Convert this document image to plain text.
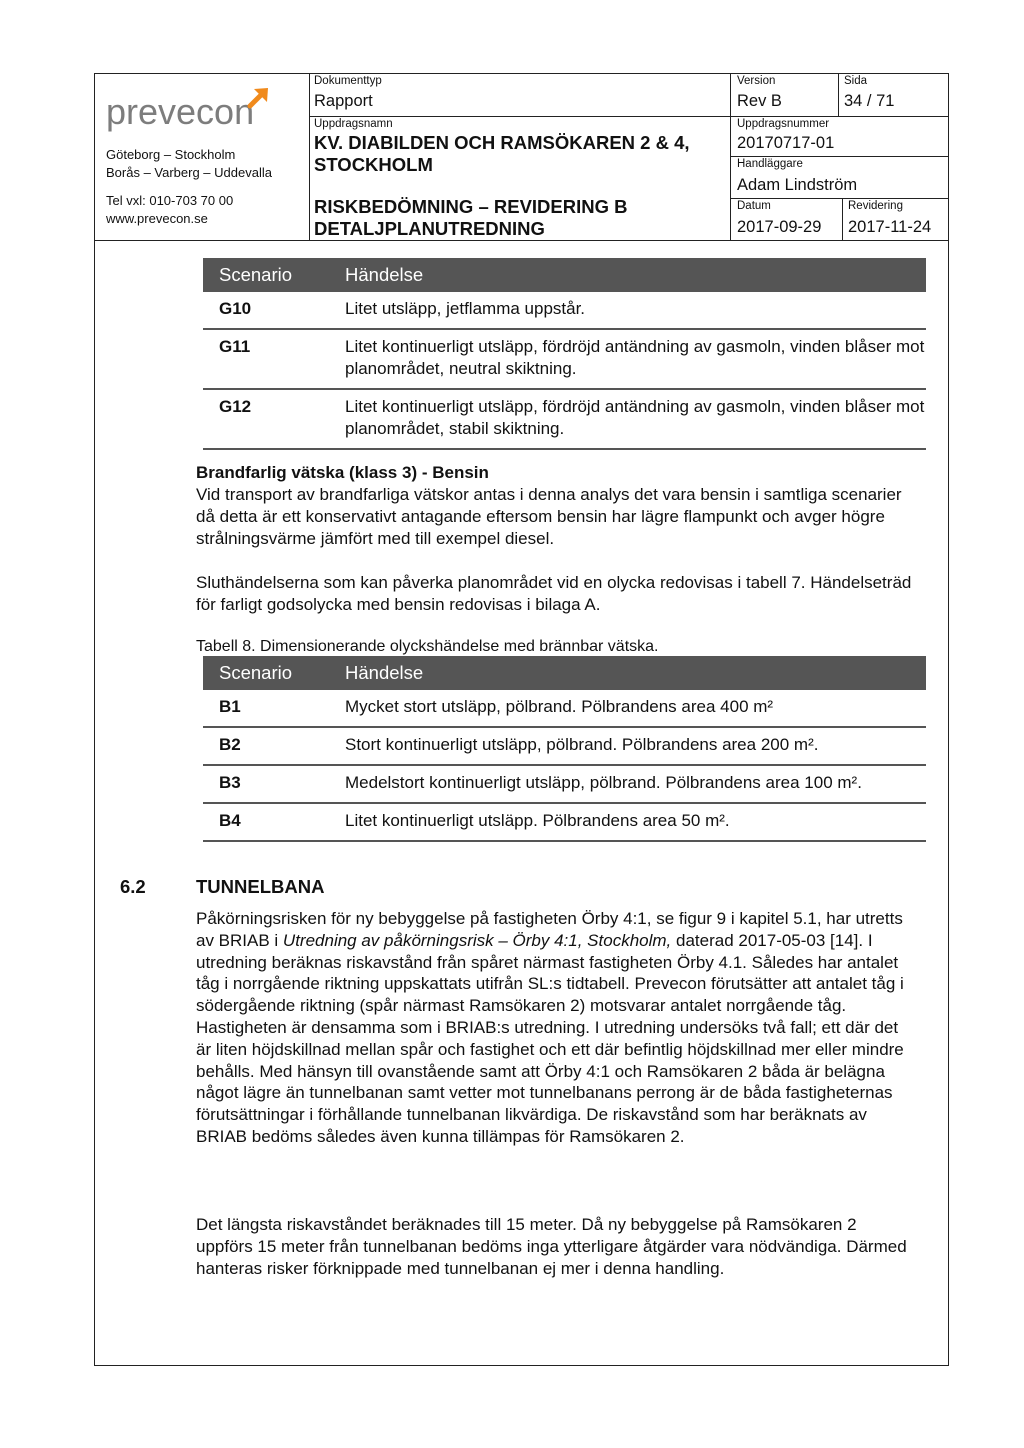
prevecon
Göteborg – Stockholm
Borås – Varberg – Uddevalla
Tel vxl: 010-703 70 00
www.prevecon.se
Dokumenttyp
Rapport
Version
Rev B
Sida
34 / 71
Uppdragsnamn
KV. DIABILDEN OCH RAMSÖKAREN 2 & 4, STOCKHOLM
RISKBEDÖMNING – REVIDERING B DETALJPLANUTREDNING
Uppdragsnummer
20170717-01
Handläggare
Adam Lindström
Datum
2017-09-29
Revidering
2017-11-24
Scenario	Händelse
G10	Litet utsläpp, jetflamma uppstår.
G11	Litet kontinuerligt utsläpp, fördröjd antändning av gasmoln, vinden blåser mot planområdet, neutral skiktning.
G12	Litet kontinuerligt utsläpp, fördröjd antändning av gasmoln, vinden blåser mot planområdet, stabil skiktning.
Brandfarlig vätska (klass 3) - Bensin
Vid transport av brandfarliga vätskor antas i denna analys det vara bensin i samtliga scenarier då detta är ett konservativt antagande eftersom bensin har lägre flampunkt och avger högre strålningsvärme jämfört med till exempel diesel.
Sluthändelserna som kan påverka planområdet vid en olycka redovisas i tabell 7. Händelseträd för farligt godsolycka med bensin redovisas i bilaga A.
Tabell 8. Dimensionerande olyckshändelse med brännbar vätska.
Scenario	Händelse
B1	Mycket stort utsläpp, pölbrand. Pölbrandens area 400 m²
B2	Stort kontinuerligt utsläpp, pölbrand. Pölbrandens area 200 m².
B3	Medelstort kontinuerligt utsläpp, pölbrand. Pölbrandens area 100 m².
B4	Litet kontinuerligt utsläpp. Pölbrandens area 50 m².
6.2	TUNNELBANA
Påkörningsrisken för ny bebyggelse på fastigheten Örby 4:1, se figur 9 i kapitel 5.1, har utretts av BRIAB i Utredning av påkörningsrisk – Örby 4:1, Stockholm, daterad 2017-05-03 [14]. I utredning beräknas riskavstånd från spåret närmast fastigheten Örby 4.1. Således har antalet tåg i norrgående riktning uppskattats utifrån SL:s tidtabell. Prevecon förutsätter att antalet tåg i södergående riktning (spår närmast Ramsökaren 2) motsvarar antalet norrgående tåg. Hastigheten är densamma som i BRIAB:s utredning. I utredning undersöks två fall; ett där det är liten höjdskillnad mellan spår och fastighet och ett där befintlig höjdskillnad mer eller mindre behålls. Med hänsyn till ovanstående samt att Örby 4:1 och Ramsökaren 2 båda är belägna något lägre än tunnelbanan samt vetter mot tunnelbanans perrong är de båda fastigheternas förutsättningar i förhållande tunnelbanan likvärdiga. De riskavstånd som har beräknats av BRIAB bedöms således även kunna tillämpas för Ramsökaren 2.
Det längsta riskavståndet beräknades till 15 meter. Då ny bebyggelse på Ramsökaren 2 uppförs 15 meter från tunnelbanan bedöms inga ytterligare åtgärder vara nödvändiga. Därmed hanteras risker förknippade med tunnelbanan ej mer i denna handling.
